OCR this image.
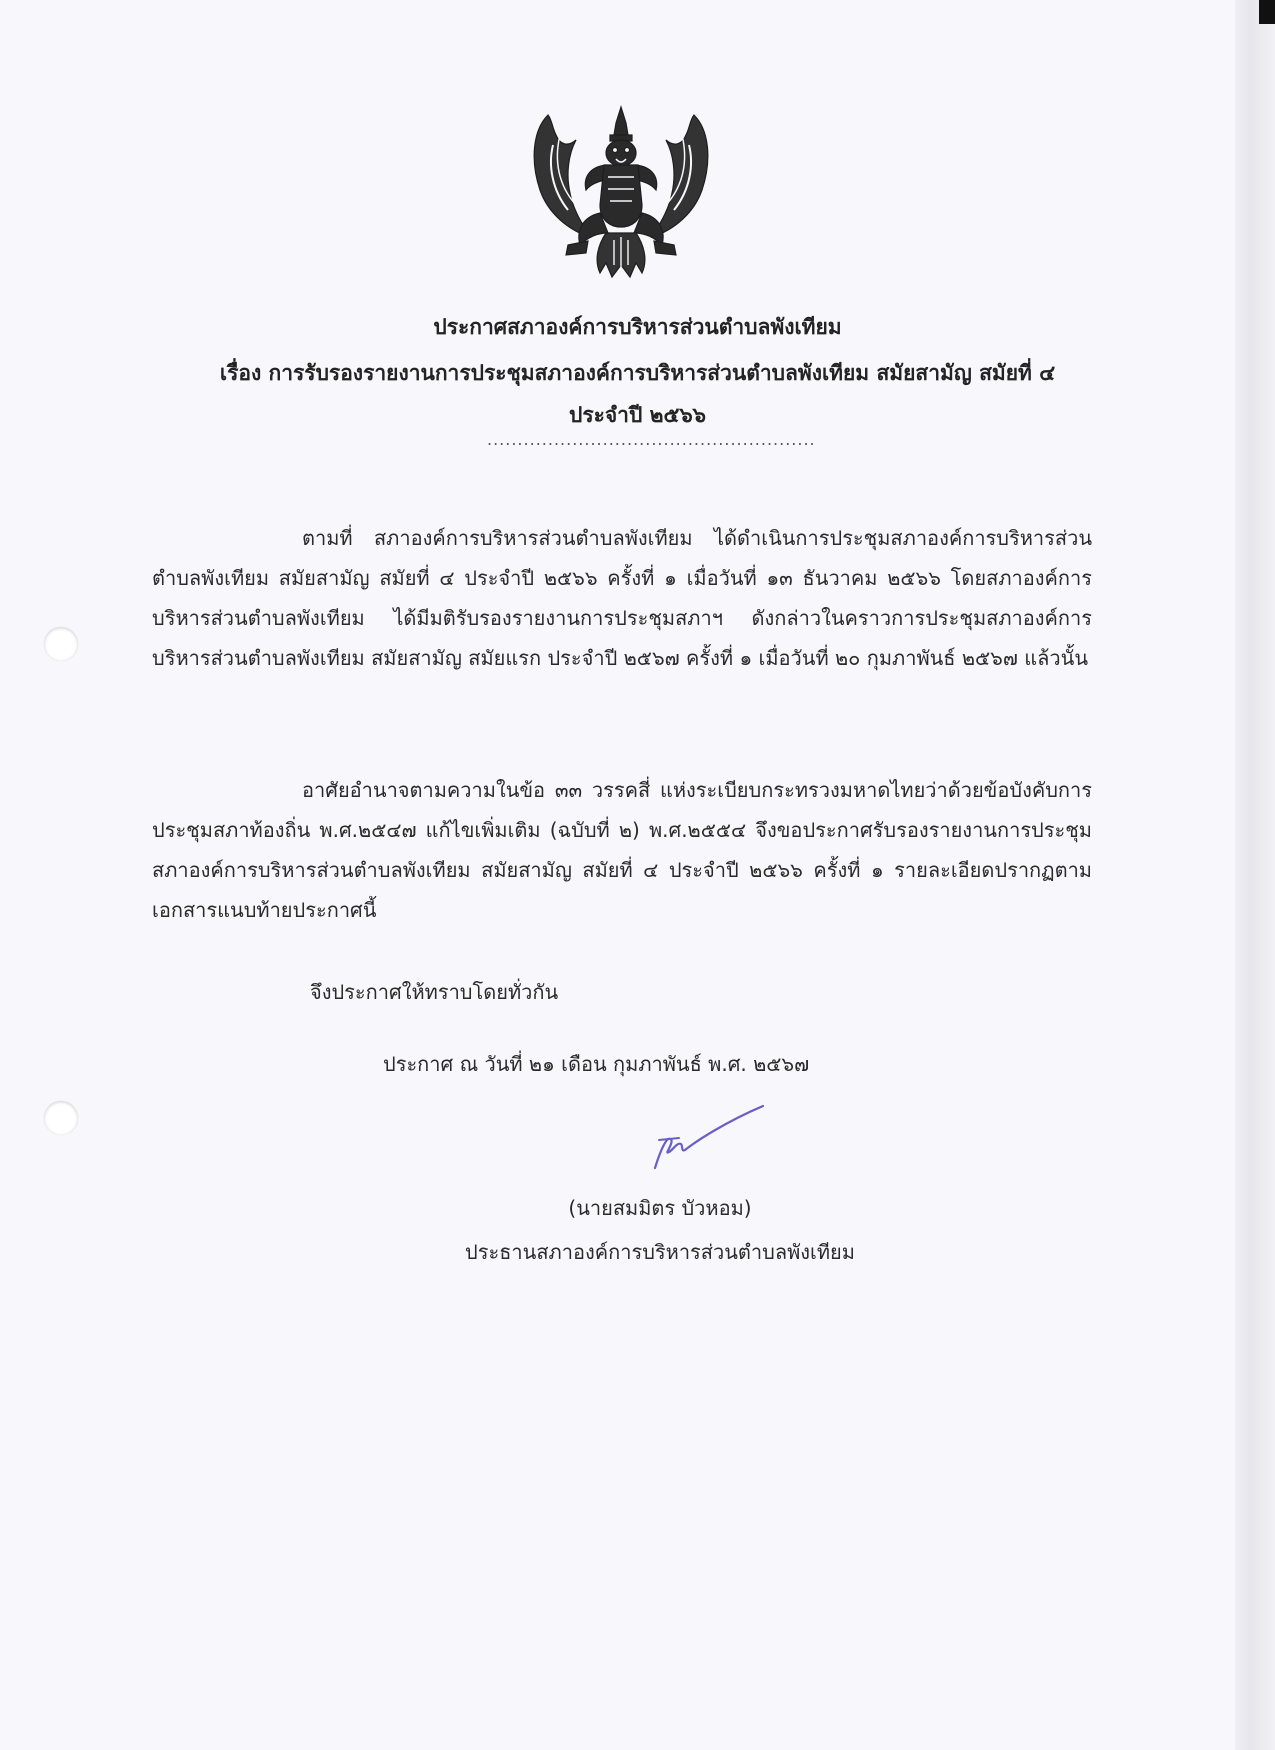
ประกาศสภาองค์การบริหารส่วนตำบลพังเทียม
เรื่อง การรับรองรายงานการประชุมสภาองค์การบริหารส่วนตำบลพังเทียม สมัยสามัญ สมัยที่ ๔
ประจำปี ๒๕๖๖
......................................................
ตามที่ สภาองค์การบริหารส่วนตำบลพังเทียม ได้ดำเนินการประชุมสภาองค์การบริหารส่วนตำบลพังเทียม สมัยสามัญ สมัยที่ ๔ ประจำปี ๒๕๖๖ ครั้งที่ ๑ เมื่อวันที่ ๑๓ ธันวาคม ๒๕๖๖ โดยสภาองค์การบริหารส่วนตำบลพังเทียม ได้มีมติรับรองรายงานการประชุมสภาฯ ดังกล่าวในคราวการประชุมสภาองค์การบริหารส่วนตำบลพังเทียม สมัยสามัญ สมัยแรก ประจำปี ๒๕๖๗ ครั้งที่ ๑ เมื่อวันที่ ๒๐ กุมภาพันธ์ ๒๕๖๗ แล้วนั้น
อาศัยอำนาจตามความในข้อ ๓๓ วรรคสี่ แห่งระเบียบกระทรวงมหาดไทยว่าด้วยข้อบังคับการประชุมสภาท้องถิ่น พ.ศ.๒๕๔๗ แก้ไขเพิ่มเติม (ฉบับที่ ๒) พ.ศ.๒๕๕๔ จึงขอประกาศรับรองรายงานการประชุมสภาองค์การบริหารส่วนตำบลพังเทียม สมัยสามัญ สมัยที่ ๔ ประจำปี ๒๕๖๖ ครั้งที่ ๑ รายละเอียดปรากฏตามเอกสารแนบท้ายประกาศนี้
จึงประกาศให้ทราบโดยทั่วกัน
ประกาศ ณ วันที่ ๒๑ เดือน กุมภาพันธ์ พ.ศ. ๒๕๖๗
(นายสมมิตร บัวหอม)
ประธานสภาองค์การบริหารส่วนตำบลพังเทียม
